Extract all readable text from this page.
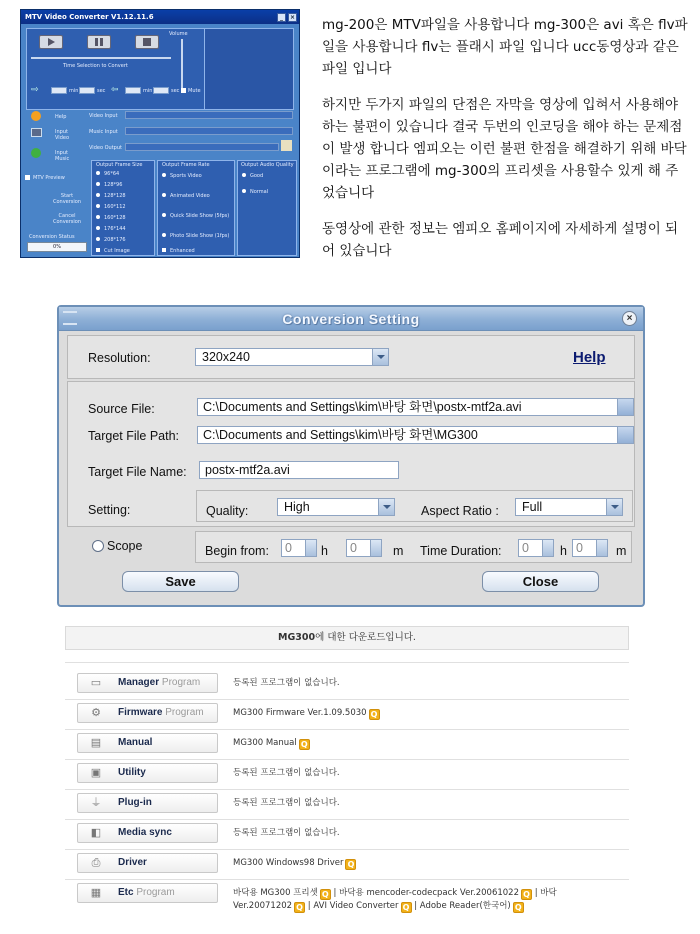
MTV Video Converter V1.12.11.6	_	×
Volume
Time Selection to Convert
⇨	min	sec ⇦	min	sec Mute
Help
Input Video
Input Music
Video Input
Music Input
Video Output
MTV Preview
Start Conversion
Cancel Conversion
Conversion Status
0%
Output Frame Size
96*64
128*96
128*128
160*112
160*128
176*144
208*176
Cut Image
Output Frame Rate
Sports Video
Animated Video
Quick Slide Show (5fps)
Photo Slide Show (1fps)
Enhanced
Output Audio Quality
Good
Normal

mg-200은 MTV파일을 사용합니다 mg-300은 avi 혹은 flv파일을 사용합니다 flv는 플래시 파일 입니다 ucc동영상과 같은 파일 입니다

하지만 두가지 파일의 단점은 자막을 영상에 입혀서 사용해야 하는 불편이 있습니다 결국 두번의 인코딩을 해야 하는 문제점이 발생 합니다 엠피오는 이런 불편 한점을 해결하기 위해 바닥이라는 프로그램에 mg-300의 프리셋을 사용할수 있게 해 주었습니다

동영상에 관한 정보는 엠피오 홈페이지에 자세하게 설명이 되어 있습니다

Conversion Setting	×
Resolution:	320x240	Help
Source File:	C:\Documents and Settings\kim\바탕 화면\postx-mtf2a.avi
Target File Path:	C:\Documents and Settings\kim\바탕 화면\MG300
Target File Name:	postx-mtf2a.avi
Setting:	Quality:	High	Aspect Ratio :	Full
Scope	Begin from:	0	h	0	m Time Duration:	0	h 0	m
Save	Close
MG300에 대한 다운로드입니다.
▭ Manager Program	등록된 프로그램이 없습니다.
⚙ Firmware Program	MG300 Firmware Ver.1.09.5030 Q
▤ Manual	MG300 Manual Q
▣ Utility	등록된 프로그램이 없습니다.
⏚ Plug-in	등록된 프로그램이 없습니다.
◧ Media sync	등록된 프로그램이 없습니다.
⎙ Driver	MG300 Windows98 Driver Q
▦ Etc Program	바닥용 MG300 프리셋 Q | 바닥용 mencoder-codecpack Ver.20061022 Q | 바닥 Ver.20071202 Q | AVI Video Converter Q | Adobe Reader(한국어) Q
